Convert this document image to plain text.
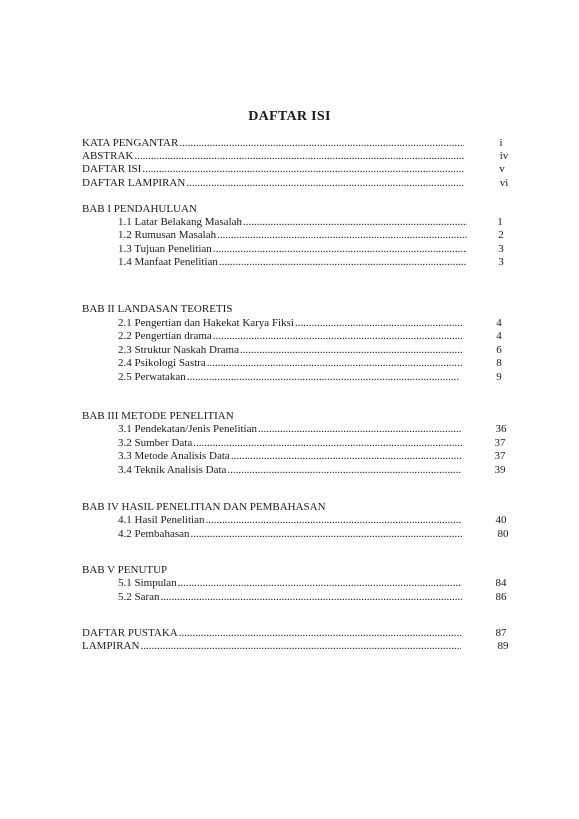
DAFTAR ISI
KATA PENGANTAR .....	i
ABSTRAK .....	iv
DAFTAR ISI .....	v
DAFTAR LAMPIRAN .....	vi
BAB I PENDAHULUAN
1.1 Latar Belakang Masalah .....	1
1.2 Rumusan Masalah .....	2
1.3 Tujuan Penelitian .....	3
1.4 Manfaat Penelitian .....	3
BAB II LANDASAN TEORETIS
2.1 Pengertian dan Hakekat Karya Fiksi .....	4
2.2 Pengertian drama .....	4
2.3 Struktur Naskah Drama .....	6
2.4 Psikologi Sastra .....	8
2.5 Perwatakan .....	9
BAB III METODE PENELITIAN
3.1 Pendekatan/Jenis Penelitian .....	36
3.2 Sumber Data .....	37
3.3 Metode Analisis Data .....	37
3.4 Teknik Analisis Data .....	39
BAB IV HASIL PENELITIAN DAN PEMBAHASAN
4.1 Hasil Penelitian .....	40
4.2 Pembahasan .....	80
BAB V PENUTUP
5.1 Simpulan .....	84
5.2 Saran .....	86
DAFTAR PUSTAKA .....	87
LAMPIRAN .....	89
